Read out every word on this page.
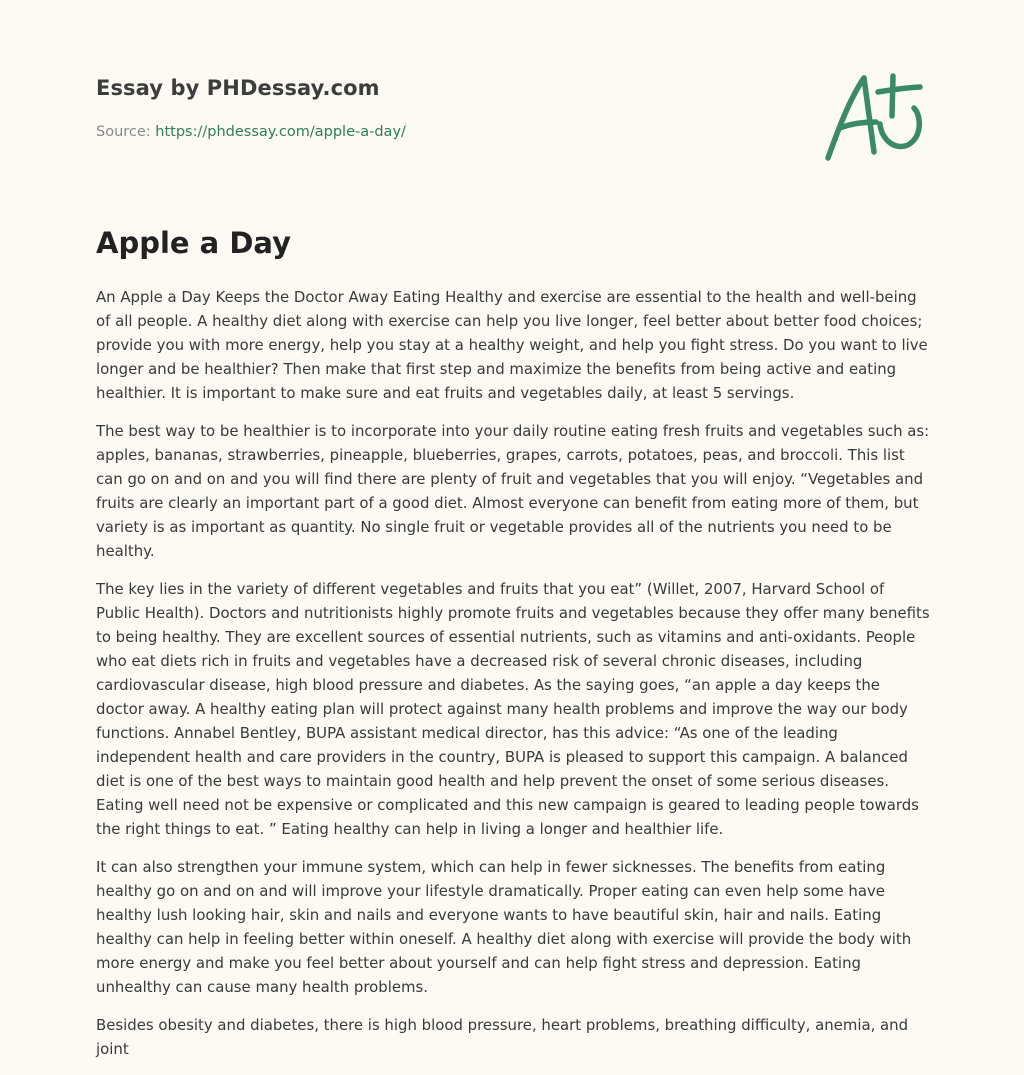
Essay by PHDessay.com
Source: https://phdessay.com/apple-a-day/
Apple a Day

An Apple a Day Keeps the Doctor Away Eating Healthy and exercise are essential to the health and well-being of all people. A healthy diet along with exercise can help you live longer, feel better about better food choices; provide you with more energy, help you stay at a healthy weight, and help you fight stress. Do you want to live longer and be healthier? Then make that first step and maximize the benefits from being active and eating healthier. It is important to make sure and eat fruits and vegetables daily, at least 5 servings.

The best way to be healthier is to incorporate into your daily routine eating fresh fruits and vegetables such as: apples, bananas, strawberries, pineapple, blueberries, grapes, carrots, potatoes, peas, and broccoli. This list can go on and on and you will find there are plenty of fruit and vegetables that you will enjoy. “Vegetables and fruits are clearly an important part of a good diet. Almost everyone can benefit from eating more of them, but variety is as important as quantity. No single fruit or vegetable provides all of the nutrients you need to be healthy.

The key lies in the variety of different vegetables and fruits that you eat” (Willet, 2007, Harvard School of Public Health). Doctors and nutritionists highly promote fruits and vegetables because they offer many benefits to being healthy. They are excellent sources of essential nutrients, such as vitamins and anti-oxidants. People who eat diets rich in fruits and vegetables have a decreased risk of several chronic diseases, including cardiovascular disease, high blood pressure and diabetes. As the saying goes, “an apple a day keeps the doctor away. A healthy eating plan will protect against many health problems and improve the way our body functions. Annabel Bentley, BUPA assistant medical director, has this advice: “As one of the leading independent health and care providers in the country, BUPA is pleased to support this campaign. A balanced diet is one of the best ways to maintain good health and help prevent the onset of some serious diseases. Eating well need not be expensive or complicated and this new campaign is geared to leading people towards the right things to eat. ” Eating healthy can help in living a longer and healthier life.

It can also strengthen your immune system, which can help in fewer sicknesses. The benefits from eating healthy go on and on and will improve your lifestyle dramatically. Proper eating can even help some have healthy lush looking hair, skin and nails and everyone wants to have beautiful skin, hair and nails. Eating healthy can help in feeling better within oneself. A healthy diet along with exercise will provide the body with more energy and make you feel better about yourself and can help fight stress and depression. Eating unhealthy can cause many health problems.

Besides obesity and diabetes, there is high blood pressure, heart problems, breathing difficulty, anemia, and joint
